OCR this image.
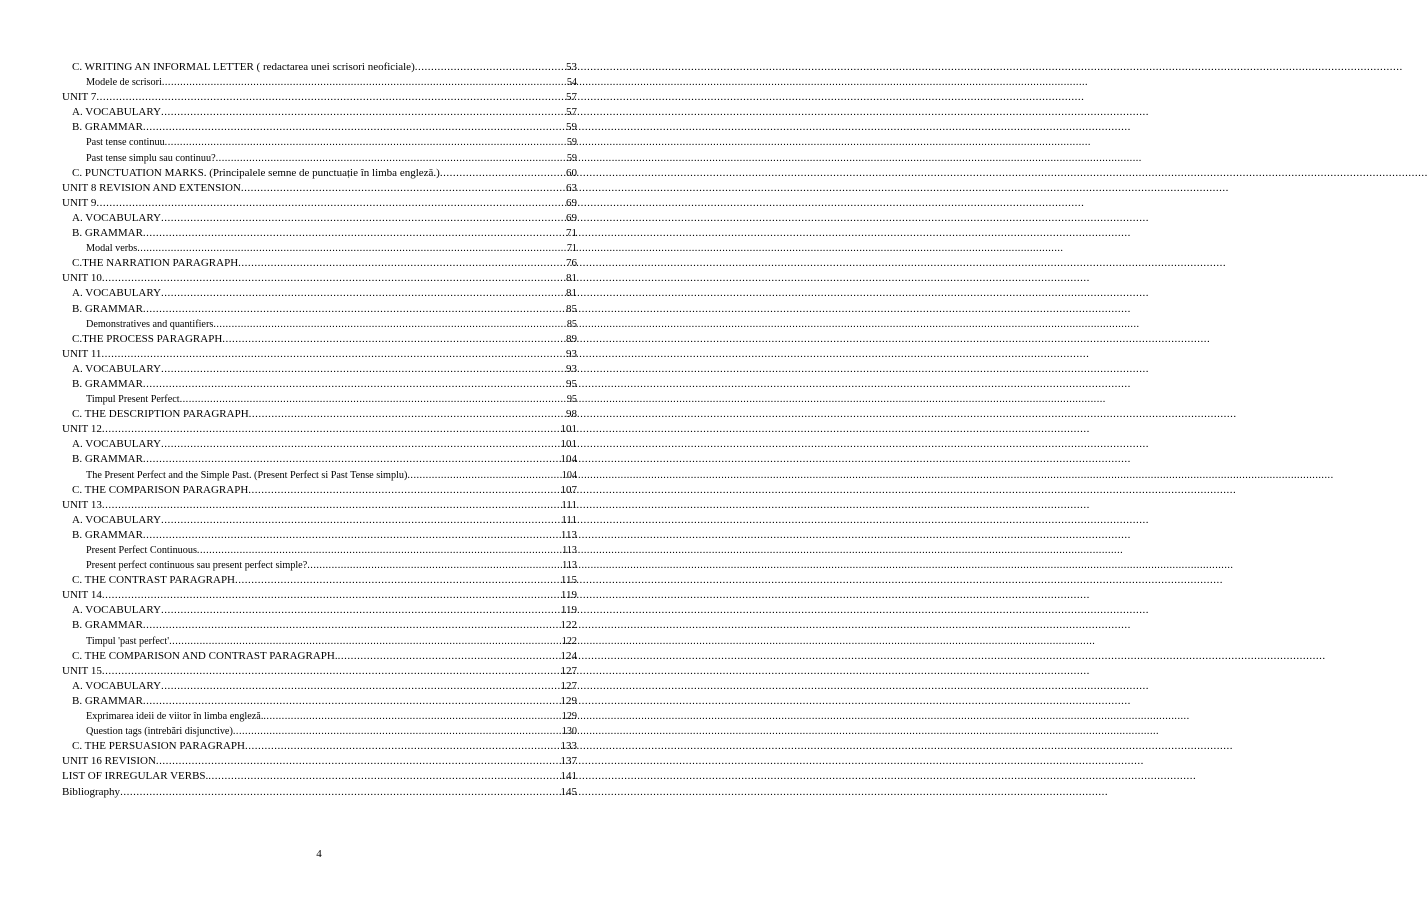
C. WRITING AN INFORMAL LETTER ( redactarea unei scrisori neoficiale) .....	53
Modele de scrisori .....	54
UNIT 7 .....	57
A. VOCABULARY .....	57
B. GRAMMAR .....	59
Past tense continuu .....	59
Past tense simplu sau continuu? .....	59
C. PUNCTUATION MARKS. (Principalele semne de punctuație în limba engleză.) .....	60
UNIT 8 REVISION AND EXTENSION .....	63
UNIT 9 .....	69
A. VOCABULARY .....	69
B. GRAMMAR .....	71
Modal verbs .....	71
C.THE NARRATION PARAGRAPH .....	76
UNIT 10 .....	81
A. VOCABULARY .....	81
B. GRAMMAR .....	85
Demonstratives and quantifiers .....	85
C.THE PROCESS PARAGRAPH .....	89
UNIT 11 .....	93
A. VOCABULARY .....	93
B. GRAMMAR .....	95
Timpul Present Perfect .....	95
C. THE DESCRIPTION PARAGRAPH .....	98
UNIT 12 .....	101
A. VOCABULARY .....	101
B. GRAMMAR .....	104
The Present Perfect and the Simple Past. (Present Perfect si Past Tense simplu) .....	104
C. THE COMPARISON PARAGRAPH .....	107
UNIT 13 .....	111
A. VOCABULARY .....	111
B. GRAMMAR .....	113
Present Perfect Continuous .....	113
Present perfect continuous sau present perfect simple? .....	113
C. THE CONTRAST PARAGRAPH .....	115
UNIT 14 .....	119
A. VOCABULARY .....	119
B. GRAMMAR .....	122
Timpul 'past perfect' .....	122
C. THE COMPARISON AND CONTRAST PARAGRAPH. .....	124
UNIT 15 .....	127
A. VOCABULARY .....	127
B. GRAMMAR .....	129
Exprimarea ideii de viitor în limba engleză. .....	129
Question tags (intrebări disjunctive) .....	130
C. THE PERSUASION PARAGRAPH .....	133
UNIT 16 REVISION .....	137
LIST OF IRREGULAR VERBS. .....	141
Bibliography .....	145
4
